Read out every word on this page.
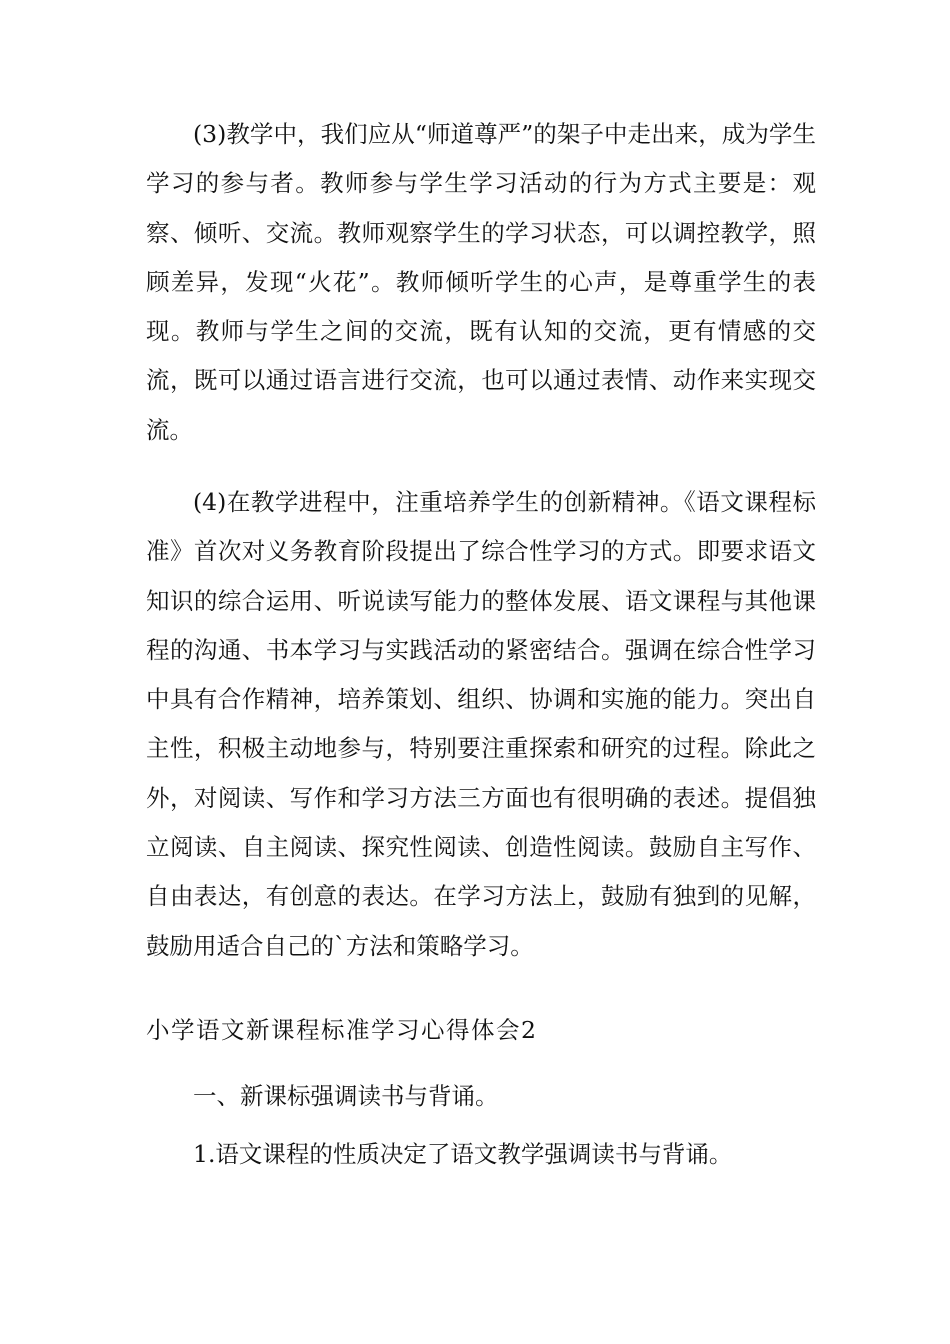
(3)教学中，我们应从“师道尊严”的架子中走出来，成为学生学习的参与者。教师参与学生学习活动的行为方式主要是：观察、倾听、交流。教师观察学生的学习状态，可以调控教学，照顾差异，发现“火花”。教师倾听学生的心声，是尊重学生的表现。教师与学生之间的交流，既有认知的交流，更有情感的交流，既可以通过语言进行交流，也可以通过表情、动作来实现交流。

(4)在教学进程中，注重培养学生的创新精神。《语文课程标准》首次对义务教育阶段提出了综合性学习的方式。即要求语文知识的综合运用、听说读写能力的整体发展、语文课程与其他课程的沟通、书本学习与实践活动的紧密结合。强调在综合性学习中具有合作精神，培养策划、组织、协调和实施的能力。突出自主性，积极主动地参与，特别要注重探索和研究的过程。除此之外，对阅读、写作和学习方法三方面也有很明确的表述。提倡独立阅读、自主阅读、探究性阅读、创造性阅读。鼓励自主写作、自由表达，有创意的表达。在学习方法上，鼓励有独到的见解，鼓励用适合自己的`方法和策略学习。

小学语文新课程标准学习心得体会2

一、新课标强调读书与背诵。

1.语文课程的性质决定了语文教学强调读书与背诵。
